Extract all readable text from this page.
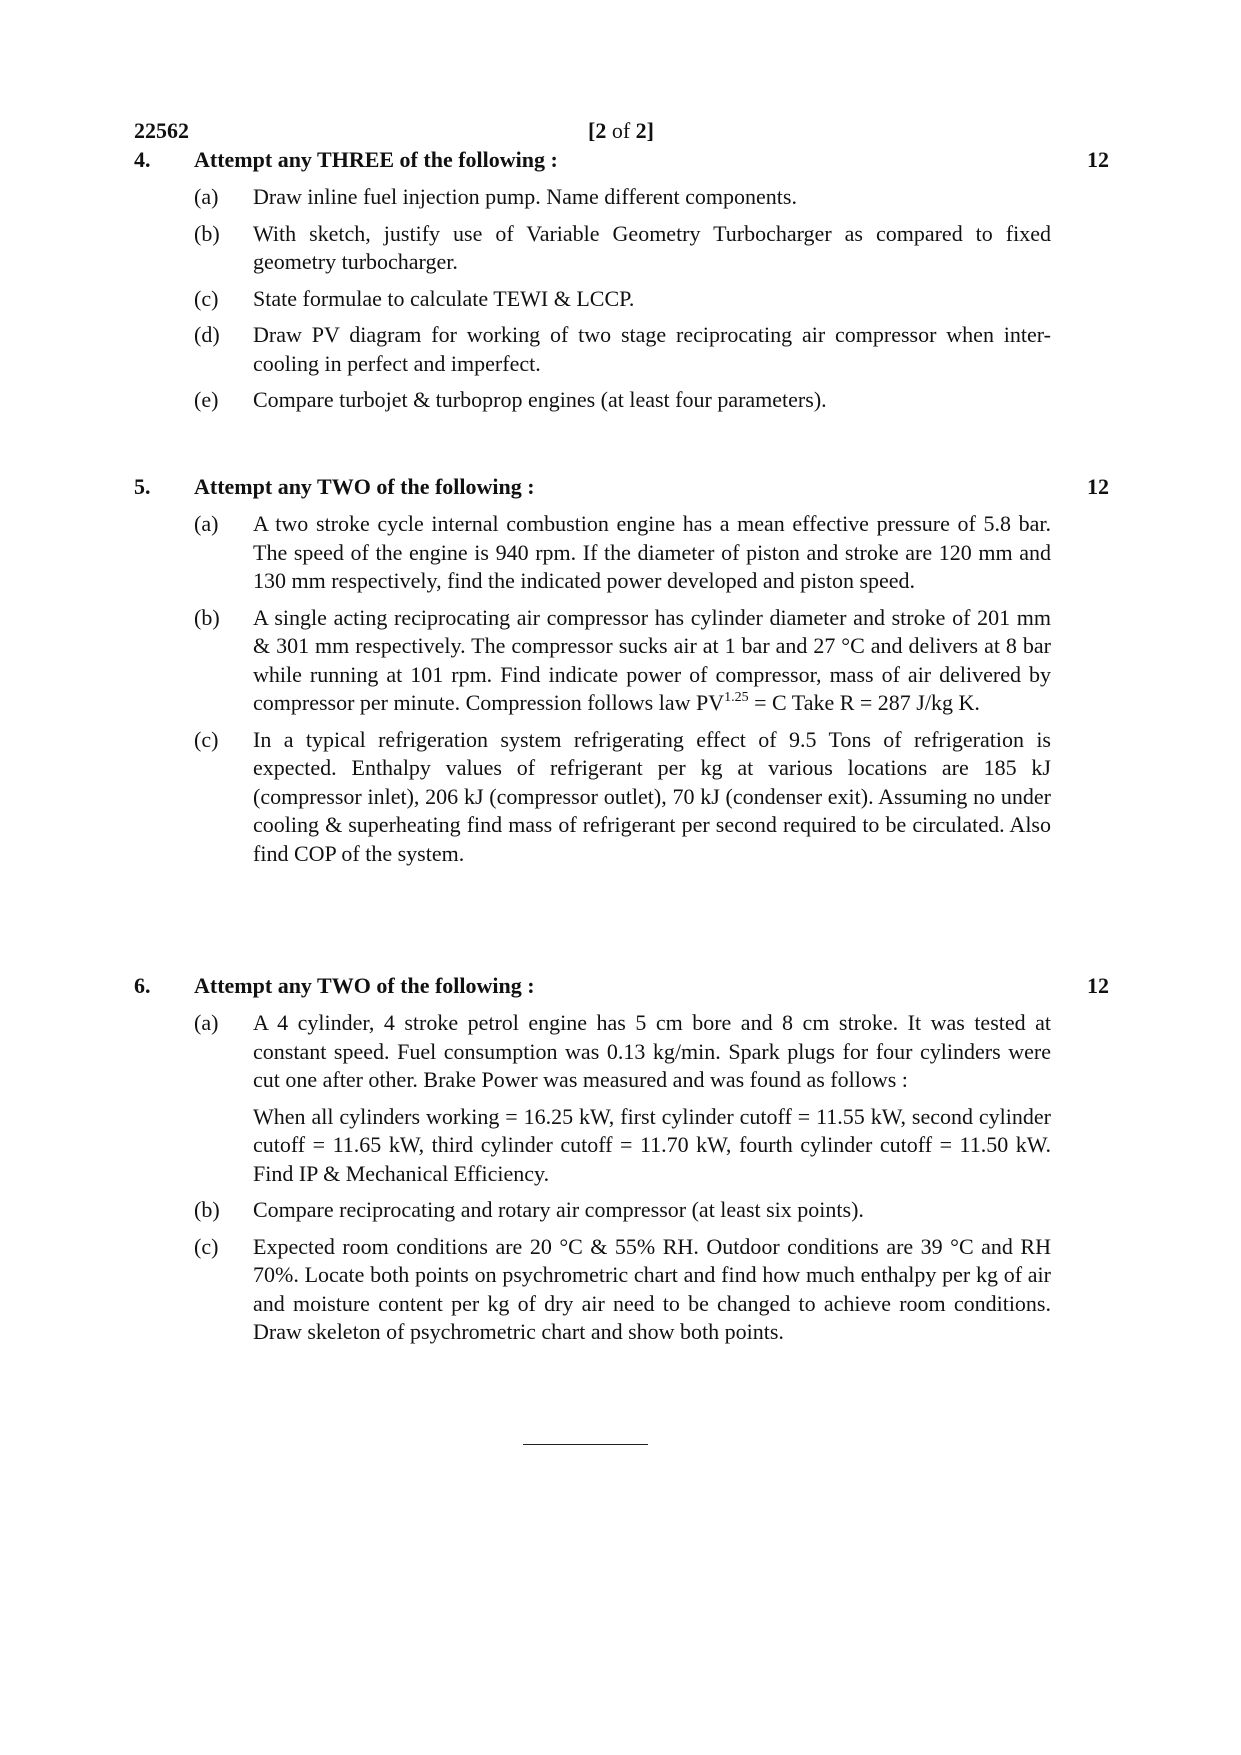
22562	[2 of 2]
4. Attempt any THREE of the following :	12
(a) Draw inline fuel injection pump. Name different components.
(b) With sketch, justify use of Variable Geometry Turbocharger as compared to fixed geometry turbocharger.
(c) State formulae to calculate TEWI & LCCP.
(d) Draw PV diagram for working of two stage reciprocating air compressor when inter-cooling in perfect and imperfect.
(e) Compare turbojet & turboprop engines (at least four parameters).
5. Attempt any TWO of the following :	12
(a) A two stroke cycle internal combustion engine has a mean effective pressure of 5.8 bar. The speed of the engine is 940 rpm. If the diameter of piston and stroke are 120 mm and 130 mm respectively, find the indicated power developed and piston speed.
(b) A single acting reciprocating air compressor has cylinder diameter and stroke of 201 mm & 301 mm respectively. The compressor sucks air at 1 bar and 27 °C and delivers at 8 bar while running at 101 rpm. Find indicate power of compressor, mass of air delivered by compressor per minute. Compression follows law $PV^{1.25} = C$ Take R = 287 J/kg K.
(c) In a typical refrigeration system refrigerating effect of 9.5 Tons of refrigeration is expected. Enthalpy values of refrigerant per kg at various locations are 185 kJ (compressor inlet), 206 kJ (compressor outlet), 70 kJ (condenser exit). Assuming no under cooling & superheating find mass of refrigerant per second required to be circulated. Also find COP of the system.
6. Attempt any TWO of the following :	12
(a) A 4 cylinder, 4 stroke petrol engine has 5 cm bore and 8 cm stroke. It was tested at constant speed. Fuel consumption was 0.13 kg/min. Spark plugs for four cylinders were cut one after other. Brake Power was measured and was found as follows :

When all cylinders working = 16.25 kW, first cylinder cutoff = 11.55 kW, second cylinder cutoff = 11.65 kW, third cylinder cutoff = 11.70 kW, fourth cylinder cutoff = 11.50 kW. Find IP & Mechanical Efficiency.

(b) Compare reciprocating and rotary air compressor (at least six points).
(c) Expected room conditions are 20 °C & 55% RH. Outdoor conditions are 39 °C and RH 70%. Locate both points on psychrometric chart and find how much enthalpy per kg of air and moisture content per kg of dry air need to be changed to achieve room conditions. Draw skeleton of psychrometric chart and show both points.
